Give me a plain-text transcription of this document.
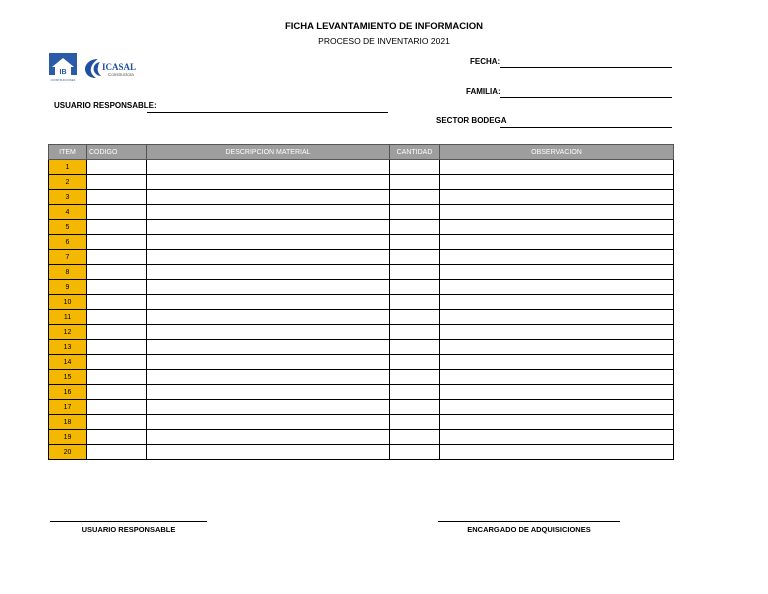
FICHA LEVANTAMIENTO DE INFORMACION
PROCESO DE INVENTARIO 2021
IB
CONSTRUCCIONES
ICASAL
Constructora
FECHA:
FAMILIA:
SECTOR BODEGA
USUARIO RESPONSABLE:
ITEM	CODIGO	DESCRIPCION MATERIAL	CANTIDAD	OBSERVACION
1				
2				
3				
4				
5				
6				
7				
8				
9				
10				
11				
12				
13				
14				
15				
16				
17				
18				
19				
20				
USUARIO RESPONSABLE	ENCARGADO DE ADQUISICIONES
